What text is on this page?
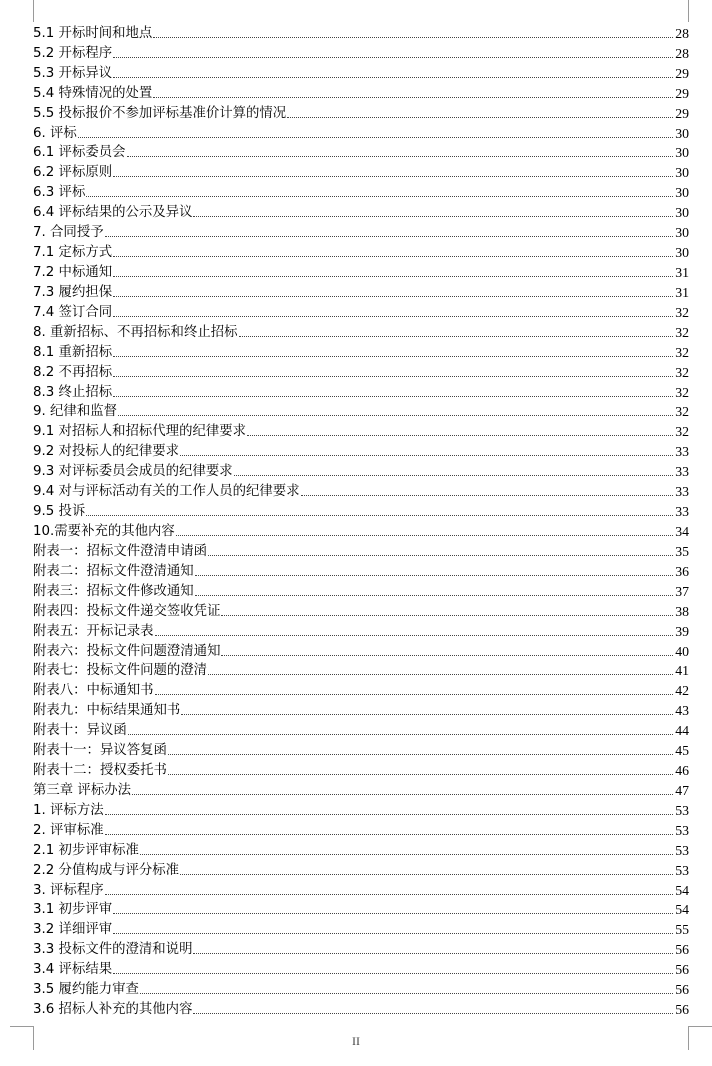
5.1 开标时间和地点	28
5.2 开标程序	28
5.3 开标异议	29
5.4 特殊情况的处置	29
5.5 投标报价不参加评标基准价计算的情况	29
6. 评标	30
6.1 评标委员会	30
6.2 评标原则	30
6.3 评标	30
6.4 评标结果的公示及异议	30
7. 合同授予	30
7.1 定标方式	30
7.2 中标通知	31
7.3 履约担保	31
7.4 签订合同	32
8. 重新招标、不再招标和终止招标	32
8.1 重新招标	32
8.2 不再招标	32
8.3 终止招标	32
9. 纪律和监督	32
9.1 对招标人和招标代理的纪律要求	32
9.2 对投标人的纪律要求	33
9.3 对评标委员会成员的纪律要求	33
9.4 对与评标活动有关的工作人员的纪律要求	33
9.5 投诉	33
10.需要补充的其他内容	34
附表一：招标文件澄清申请函	35
附表二：招标文件澄清通知	36
附表三：招标文件修改通知	37
附表四：投标文件递交签收凭证	38
附表五：开标记录表	39
附表六：投标文件问题澄清通知	40
附表七：投标文件问题的澄清	41
附表八：中标通知书	42
附表九：中标结果通知书	43
附表十：异议函	44
附表十一：异议答复函	45
附表十二：授权委托书	46
第三章 评标办法	47
1. 评标方法	53
2. 评审标准	53
2.1 初步评审标准	53
2.2 分值构成与评分标准	53
3. 评标程序	54
3.1 初步评审	54
3.2 详细评审	55
3.3 投标文件的澄清和说明	56
3.4 评标结果	56
3.5 履约能力审查	56
3.6 招标人补充的其他内容	56
II
